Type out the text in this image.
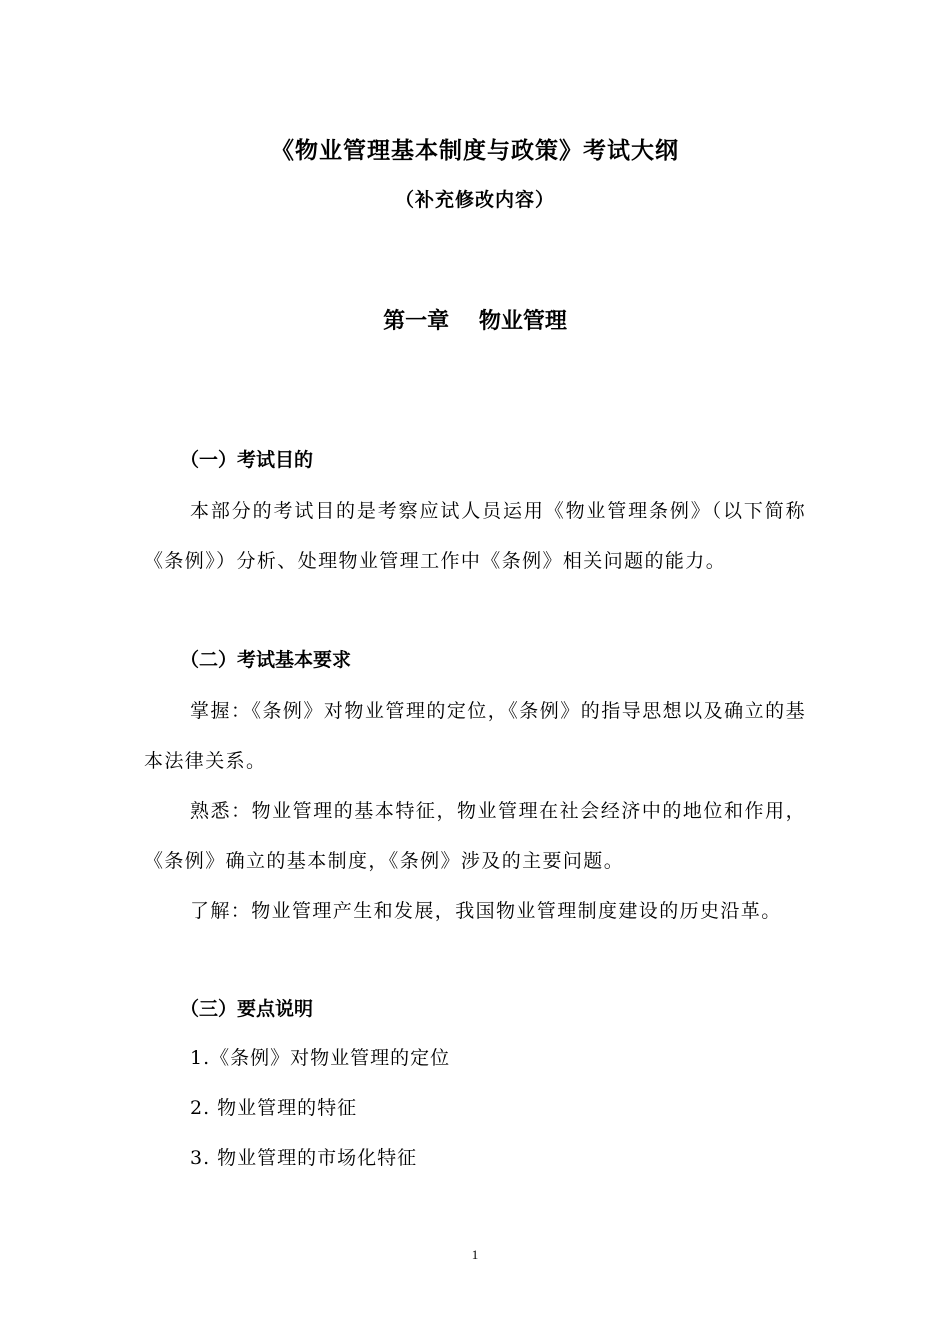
《物业管理基本制度与政策》考试大纲
（补充修改内容）
第一章　 物业管理
（一）考试目的

本部分的考试目的是考察应试人员运用《物业管理条例》（以下简称《条例》）分析、处理物业管理工作中《条例》相关问题的能力。

（二）考试基本要求

掌握：《条例》对物业管理的定位，《条例》的指导思想以及确立的基本法律关系。

熟悉：物业管理的基本特征，物业管理在社会经济中的地位和作用，《条例》确立的基本制度，《条例》涉及的主要问题。

了解：物业管理产生和发展，我国物业管理制度建设的历史沿革。

（三）要点说明
1.《条例》对物业管理的定位
2. 物业管理的特征
3. 物业管理的市场化特征
1
